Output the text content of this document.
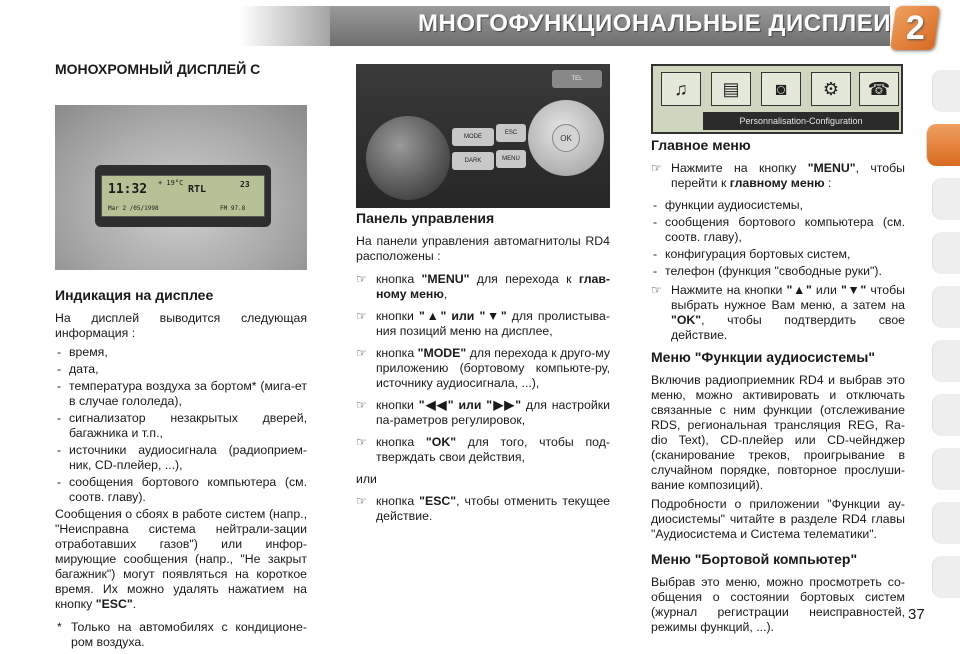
МНОГОФУНКЦИОНАЛЬНЫЕ ДИСПЛЕИ 2
МОНОХРОМНЫЙ ДИСПЛЕЙ С
11:32 + 19°C
RTL	23
Mar 2 /05/1998	FM 97.8
Индикация на дисплее

На дисплей выводится следующая информация :

- время,
- дата,
- температура воздуха за бортом* (мига-ет в случае гололеда),
- сигнализатор незакрытых дверей, багажника и т.п.,
- источники аудиосигнала (радиоприем-ник, CD-плейер, ...),
- сообщения бортового компьютера (см. соотв. главу).

Сообщения о сбоях в работе систем (напр., "Неисправна система нейтрали-зации отработавших газов") или инфор-мирующие сообщения (напр., "Не закрыт багажник") могут появляться на короткое время. Их можно удалять нажатием на кнопку "ESC".

* Только на автомобилях с кондиционе-ром воздуха.

MODE
DARK
ESC
MENU
TEL
OK
Панель управления

На панели управления автомагнитолы RD4 расположены :

☞ кнопка "MENU" для перехода к глав-ному меню,
☞ кнопки "▲" или "▼" для пролистыва-ния позиций меню на дисплее,
☞ кнопка "MODE" для перехода к друго-му приложению (бортовому компьюте-ру, источнику аудиосигнала, ...),
☞ кнопки "◀◀" или "▶▶" для настройки па-раметров регулировок,
☞ кнопка "OK" для того, чтобы под-тверждать свои действия,

или

☞ кнопка "ESC", чтобы отменить текущее действие.
♫	▤	◙	⚙	☎
Personnalisation-Configuration
Главное меню
☞ Нажмите на кнопку "MENU", чтобы перейти к главному меню :
- функции аудиосистемы,
- сообщения бортового компьютера (см. соотв. главу),
- конфигурация бортовых систем,
- телефон (функция "свободные руки").
☞ Нажмите на кнопки "▲" или "▼" чтобы выбрать нужное Вам меню, а затем на "OK", чтобы подтвердить свое действие.
Меню "Функции аудиосистемы"

Включив радиоприемник RD4 и выбрав это меню, можно активировать и отключать связанные с ним функции (отслеживание RDS, региональная трансляция REG, Ra-dio Text), CD-плейер или CD-чейнджер (сканирование треков, проигрывание в случайном порядке, повторное прослуши-вание композиций).

Подробности о приложении "Функции ау-диосистемы" читайте в разделе RD4 главы "Аудиосистема и Система телематики".

Меню "Бортовой компьютер"

Выбрав это меню, можно просмотреть со-общения о состоянии бортовых систем (журнал регистрации неисправностей, режимы функций, ...).

37
